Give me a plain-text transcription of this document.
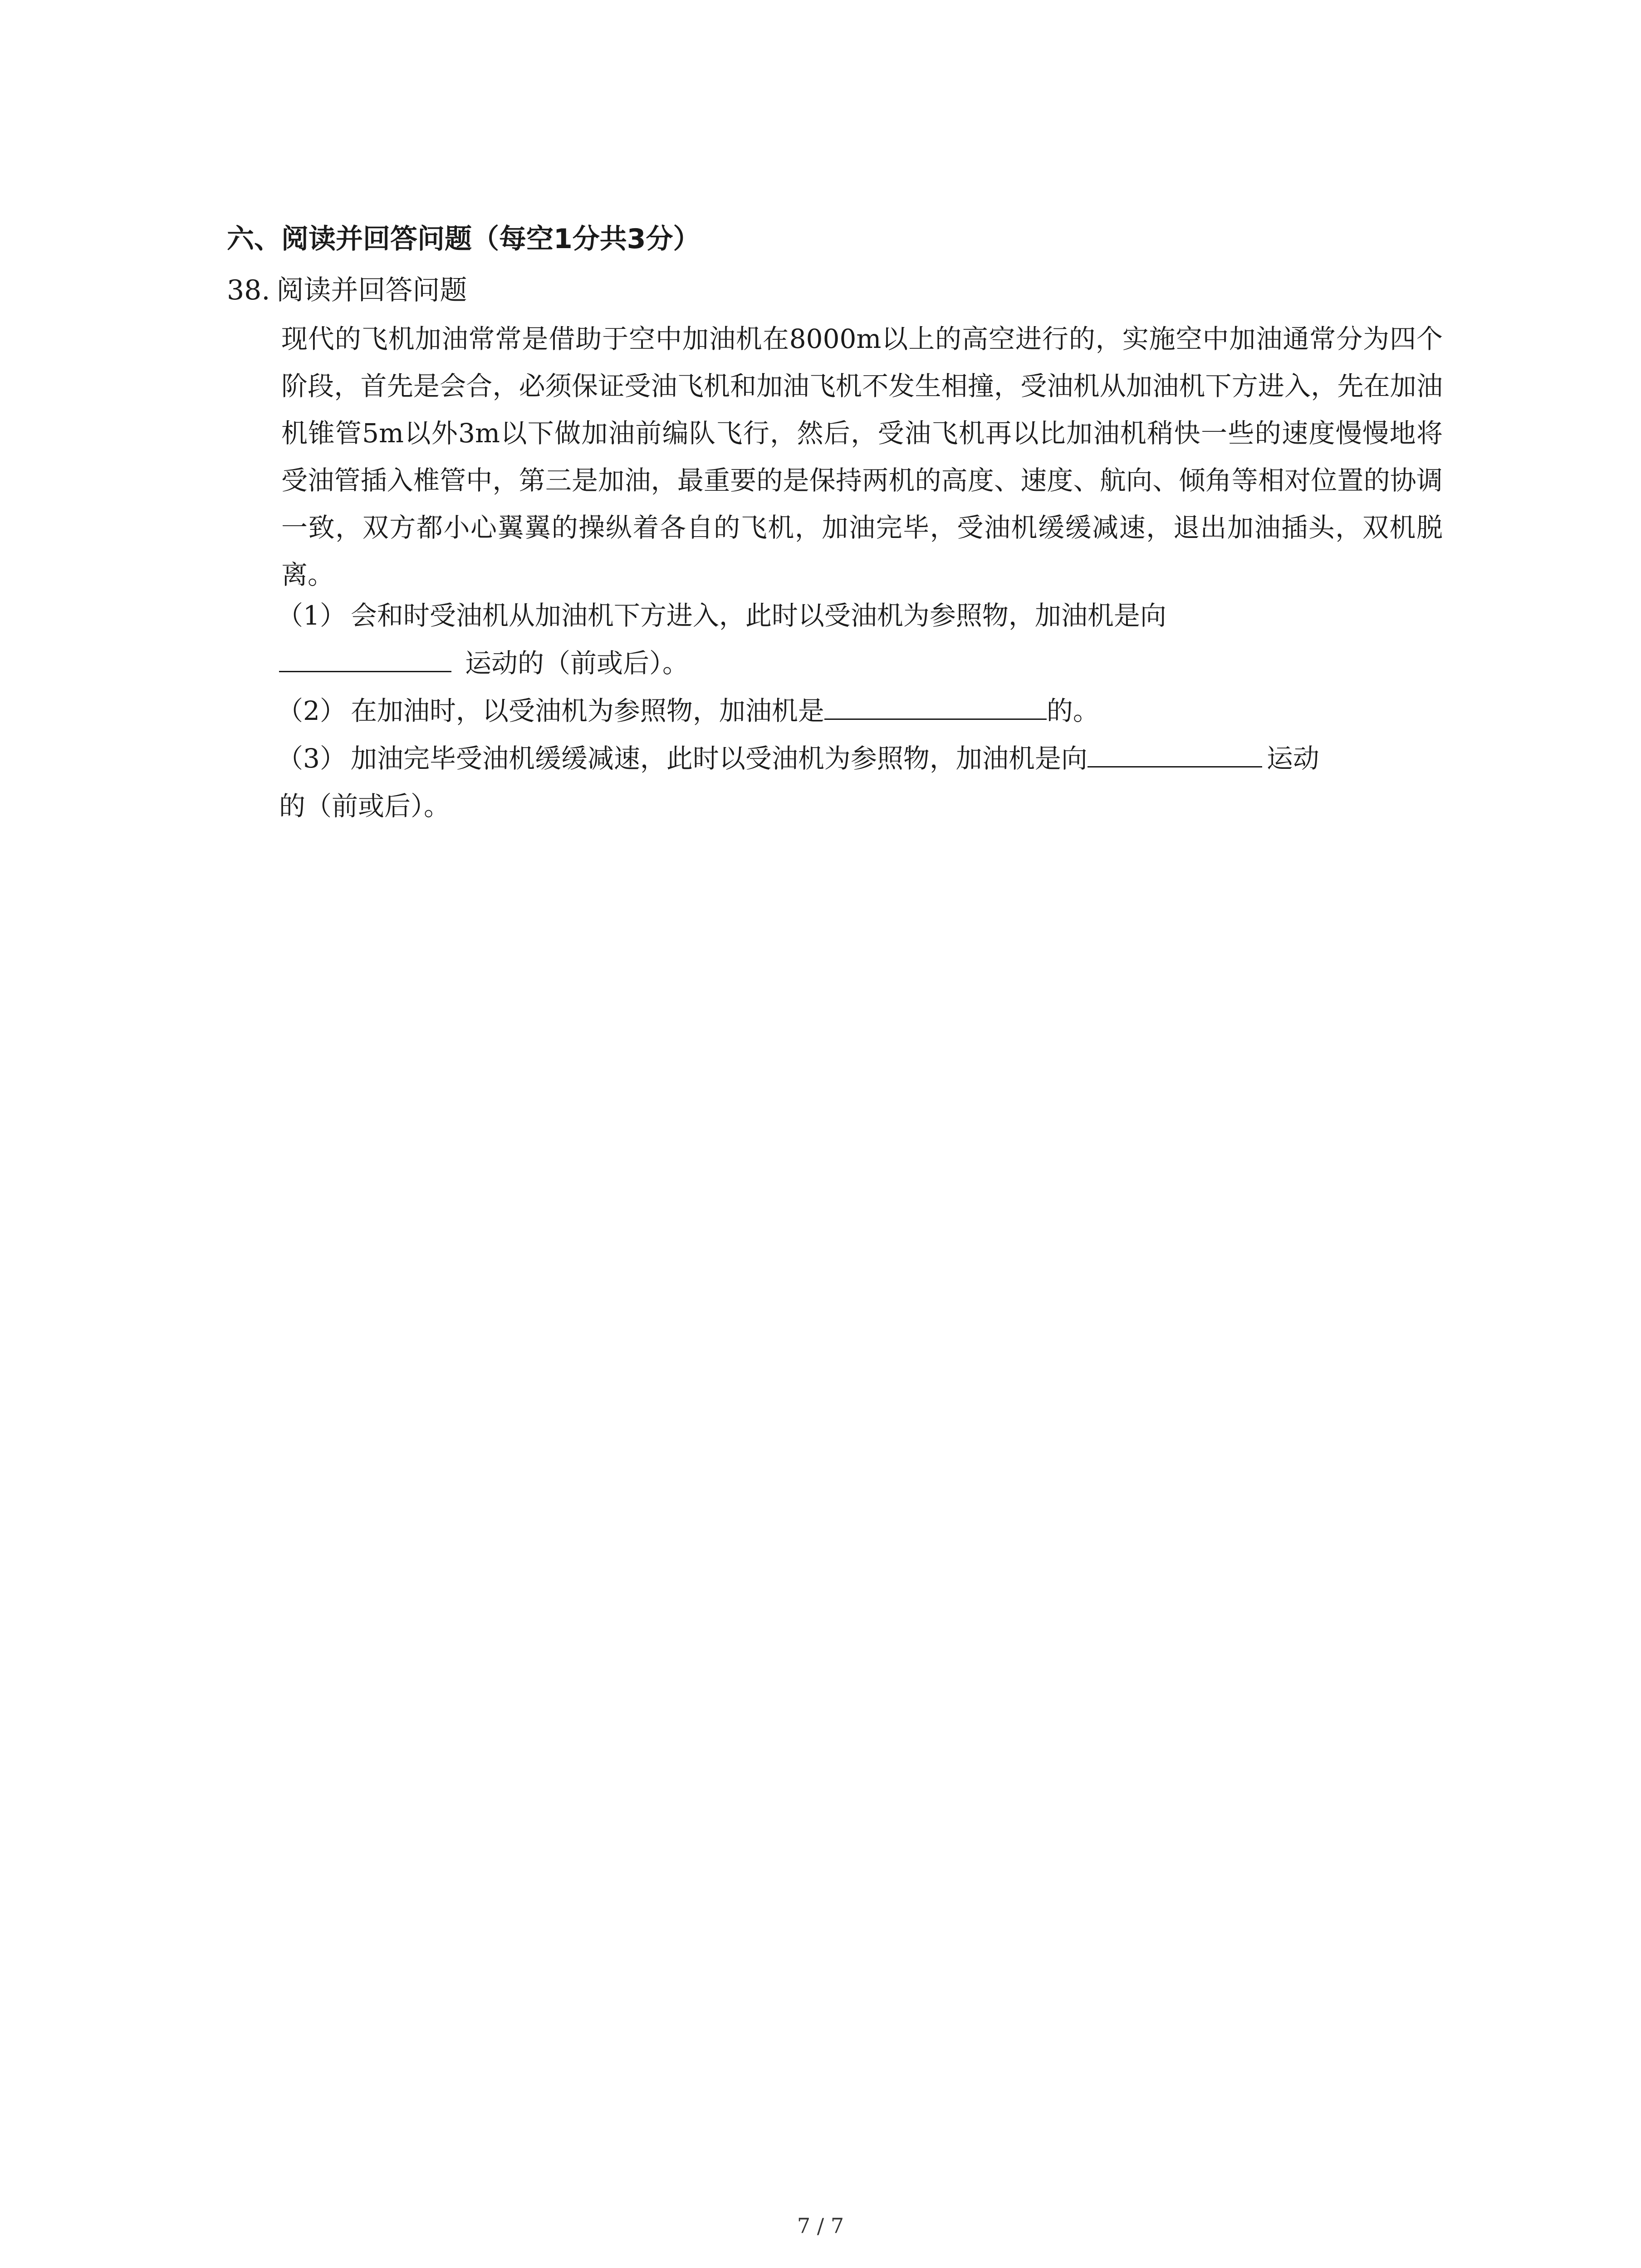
六、阅读并回答问题（每空1分共3分）
38. 阅读并回答问题

现代的飞机加油常常是借助于空中加油机在8000m以上的高空进行的，实施空中加油通常分为四个阶段，首先是会合，必须保证受油飞机和加油飞机不发生相撞，受油机从加油机下方进入，先在加油机锥管5m以外3m以下做加油前编队飞行，然后，受油飞机再以比加油机稍快一些的速度慢慢地将受油管插入椎管中，第三是加油，最重要的是保持两机的高度、速度、航向、倾角等相对位置的协调一致，双方都小心翼翼的操纵着各自的飞机，加油完毕，受油机缓缓减速，退出加油插头，双机脱离。

（1） 会和时受油机从加油机下方进入，此时以受油机为参照物，加油机是向
运动的（前或后）。
（2） 在加油时，以受油机为参照物，加油机是	的。
（3） 加油完毕受油机缓缓减速，此时以受油机为参照物，加油机是向	运动
的（前或后）。
7 / 7
